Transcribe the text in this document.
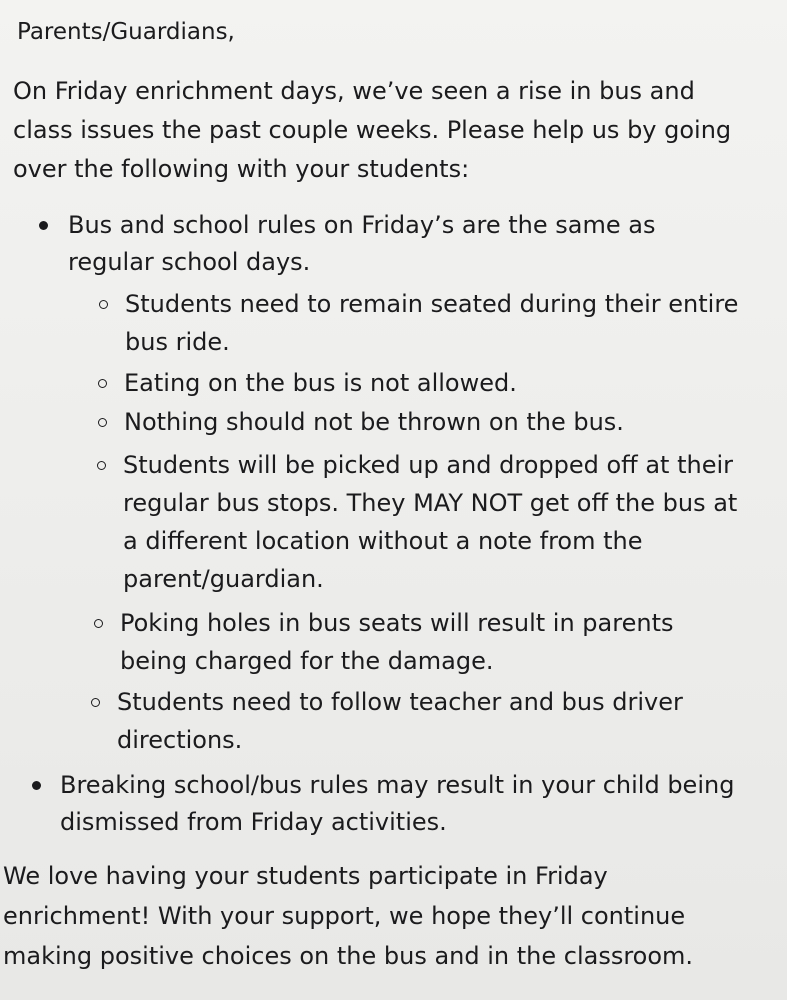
Parents/Guardians,

On Friday enrichment days, we’ve seen a rise in bus and
class issues the past couple weeks. Please help us by going
over the following with your students:

Bus and school rules on Friday’s are the same as
regular school days.
Students need to remain seated during their entire
bus ride.
Eating on the bus is not allowed.
Nothing should not be thrown on the bus.
Students will be picked up and dropped off at their
regular bus stops. They MAY NOT get off the bus at
a different location without a note from the
parent/guardian.
Poking holes in bus seats will result in parents
being charged for the damage.
Students need to follow teacher and bus driver
directions.
Breaking school/bus rules may result in your child being
dismissed from Friday activities.

We love having your students participate in Friday
enrichment! With your support, we hope they’ll continue
making positive choices on the bus and in the classroom.
